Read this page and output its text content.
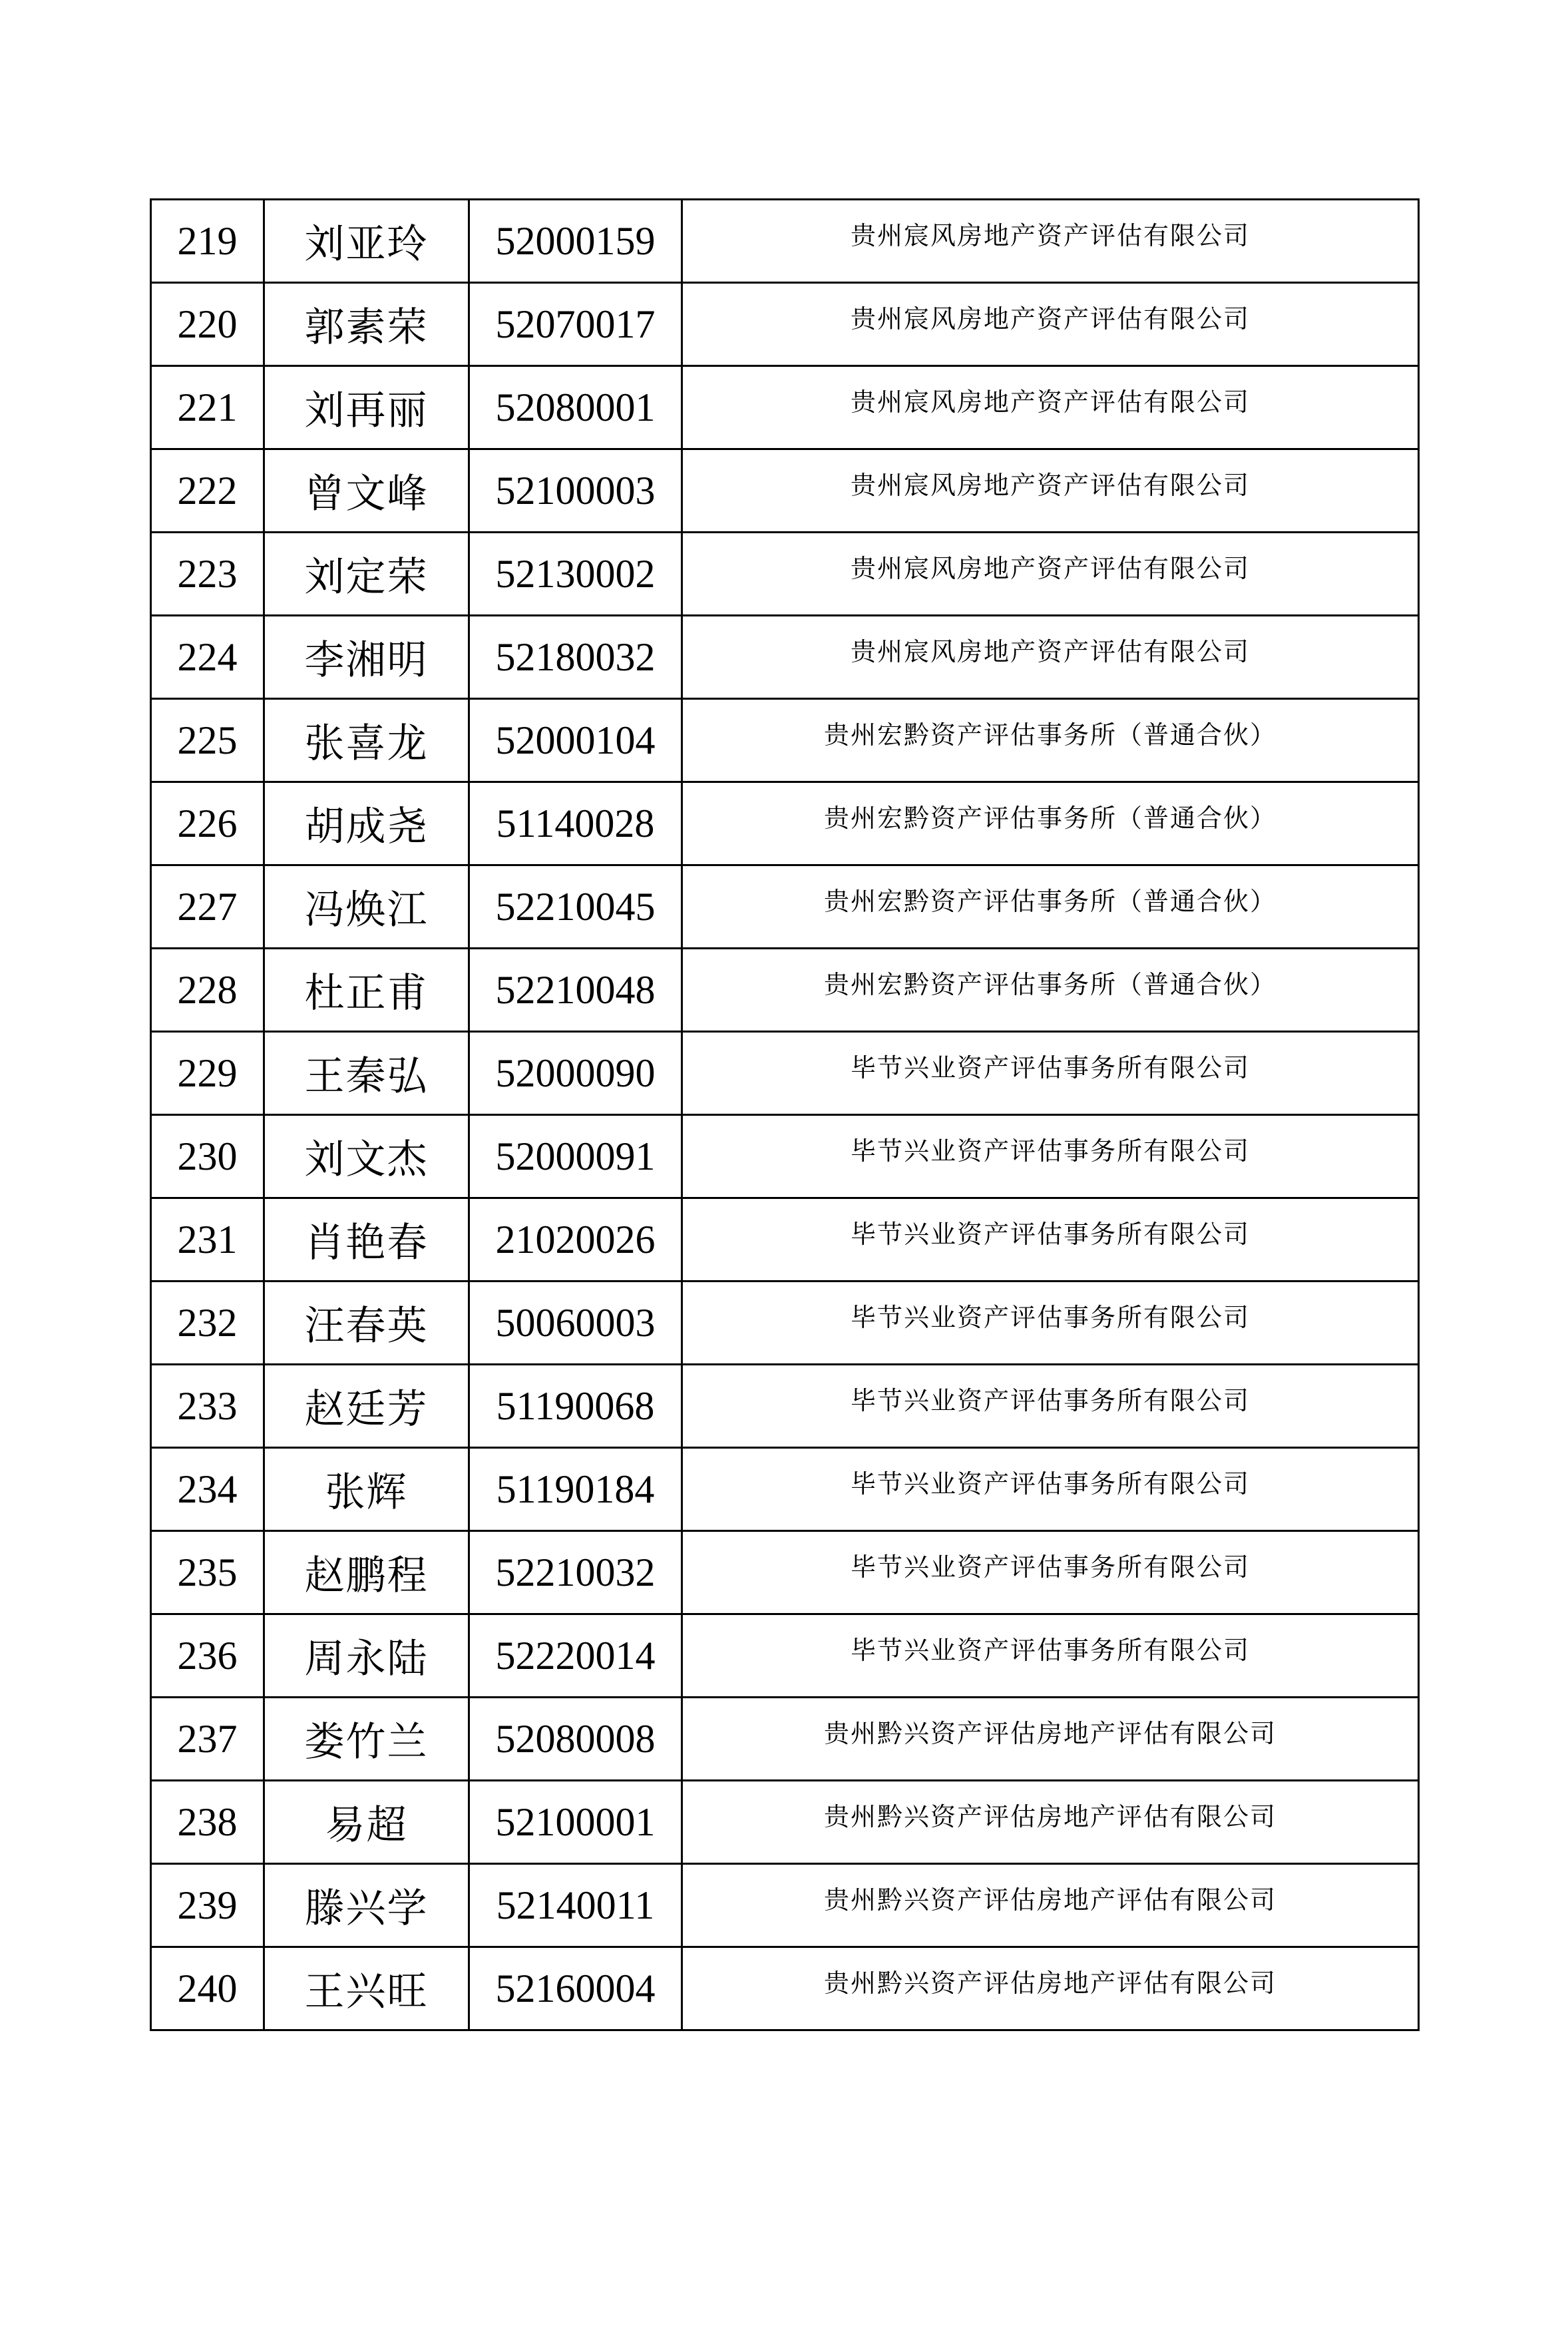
219	刘亚玲	52000159	贵州宸风房地产资产评估有限公司
220	郭素荣	52070017	贵州宸风房地产资产评估有限公司
221	刘再丽	52080001	贵州宸风房地产资产评估有限公司
222	曾文峰	52100003	贵州宸风房地产资产评估有限公司
223	刘定荣	52130002	贵州宸风房地产资产评估有限公司
224	李湘明	52180032	贵州宸风房地产资产评估有限公司
225	张喜龙	52000104	贵州宏黔资产评估事务所（普通合伙）
226	胡成尧	51140028	贵州宏黔资产评估事务所（普通合伙）
227	冯焕江	52210045	贵州宏黔资产评估事务所（普通合伙）
228	杜正甫	52210048	贵州宏黔资产评估事务所（普通合伙）
229	王秦弘	52000090	毕节兴业资产评估事务所有限公司
230	刘文杰	52000091	毕节兴业资产评估事务所有限公司
231	肖艳春	21020026	毕节兴业资产评估事务所有限公司
232	汪春英	50060003	毕节兴业资产评估事务所有限公司
233	赵廷芳	51190068	毕节兴业资产评估事务所有限公司
234	张辉	51190184	毕节兴业资产评估事务所有限公司
235	赵鹏程	52210032	毕节兴业资产评估事务所有限公司
236	周永陆	52220014	毕节兴业资产评估事务所有限公司
237	娄竹兰	52080008	贵州黔兴资产评估房地产评估有限公司
238	易超	52100001	贵州黔兴资产评估房地产评估有限公司
239	滕兴学	52140011	贵州黔兴资产评估房地产评估有限公司
240	王兴旺	52160004	贵州黔兴资产评估房地产评估有限公司
